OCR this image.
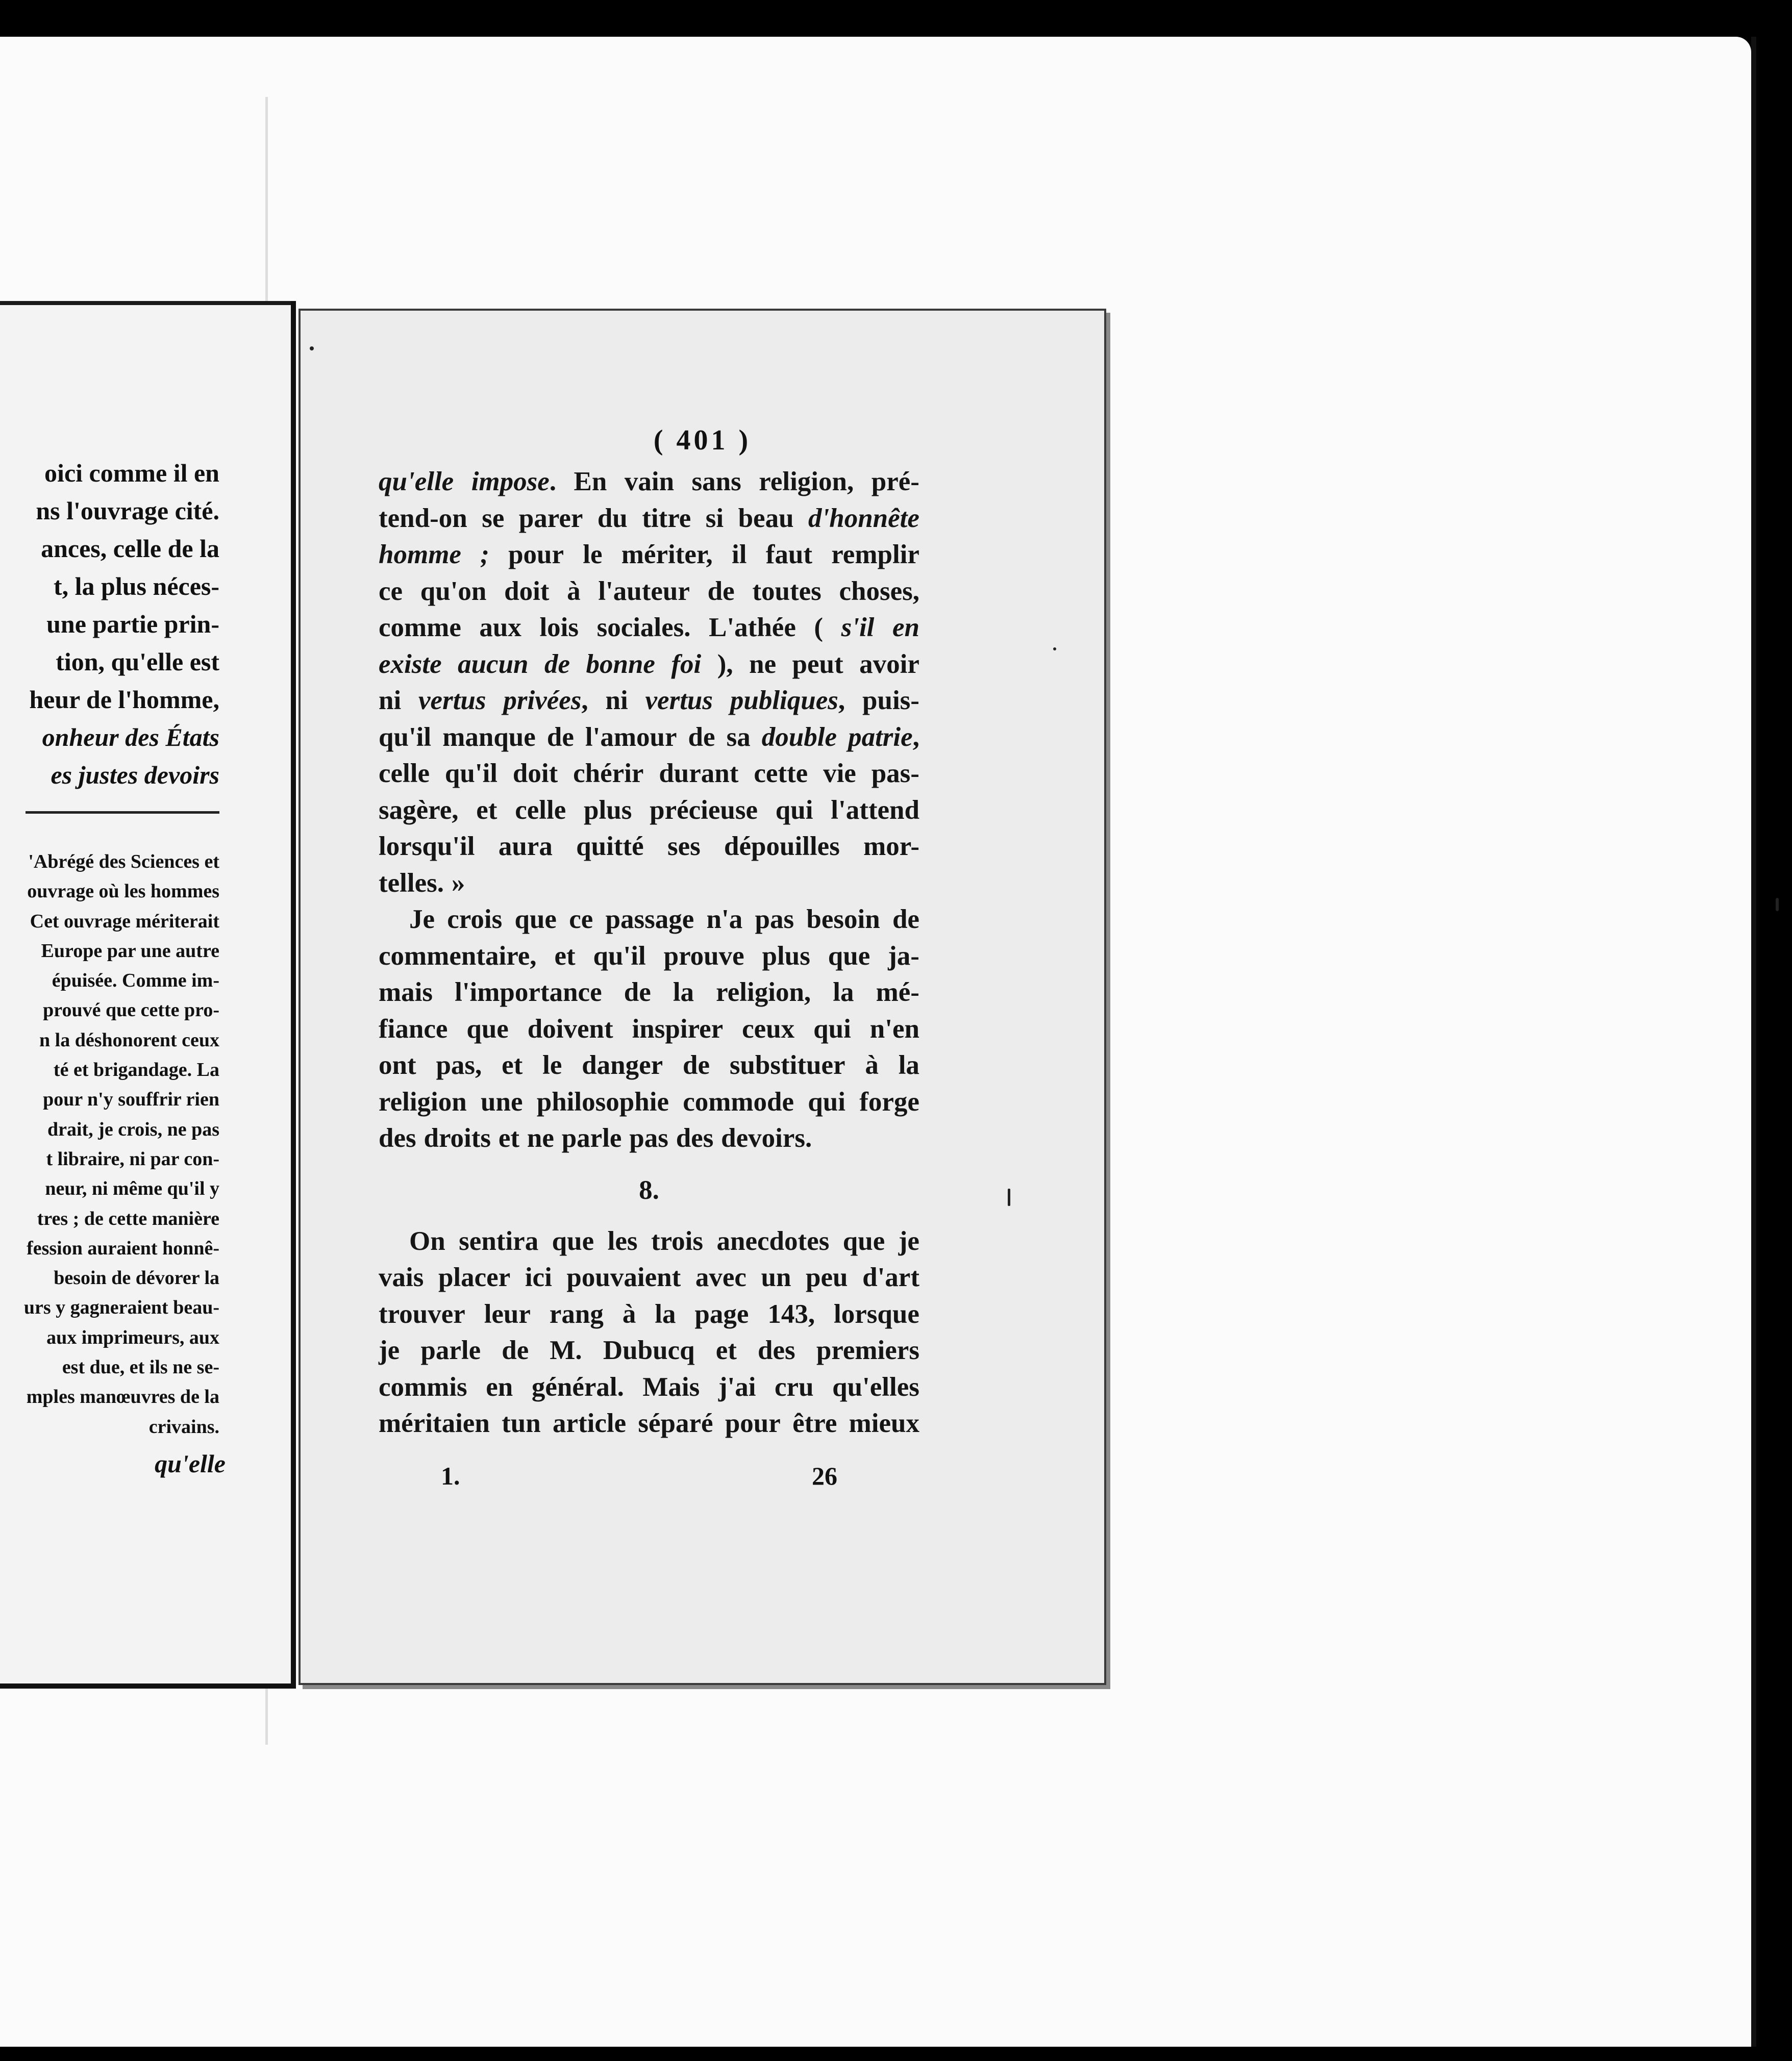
oici comme il en
ns l'ouvrage cité.
ances, celle de la
t, la plus néces-
une partie prin-
tion, qu'elle est
heur de l'homme,
onheur des États
es justes devoirs
'Abrégé des Sciences et
ouvrage où les hommes
Cet ouvrage mériterait
Europe par une autre
épuisée. Comme im-
prouvé que cette pro-
n la déshonorent ceux
té et brigandage. La
pour n'y souffrir rien
drait, je crois, ne pas
t libraire, ni par con-
neur, ni même qu'il y
tres ; de cette manière
fession auraient honnê-
besoin de dévorer la
urs y gagneraient beau-
aux imprimeurs, aux
est due, et ils ne se-
mples manœuvres de la
crivains.
qu'elle
( 401 )
qu'elle impose. En vain sans religion, pré-
tend-on se parer du titre si beau d'honnête
homme ; pour le mériter, il faut remplir
ce qu'on doit à l'auteur de toutes choses,
comme aux lois sociales. L'athée ( s'il en
existe aucun de bonne foi ), ne peut avoir
ni vertus privées, ni vertus publiques, puis-
qu'il manque de l'amour de sa double patrie,
celle qu'il doit chérir durant cette vie pas-
sagère, et celle plus précieuse qui l'attend
lorsqu'il aura quitté ses dépouilles mor-
telles. »
Je crois que ce passage n'a pas besoin de
commentaire, et qu'il prouve plus que ja-
mais l'importance de la religion, la mé-
fiance que doivent inspirer ceux qui n'en
ont pas, et le danger de substituer à la
religion une philosophie commode qui forge
des droits et ne parle pas des devoirs.
8.
On sentira que les trois anecdotes que je
vais placer ici pouvaient avec un peu d'art
trouver leur rang à la page 143, lorsque
je parle de M. Dubucq et des premiers
commis en général. Mais j'ai cru qu'elles
méritaien tun article séparé pour être mieux
1.	26
